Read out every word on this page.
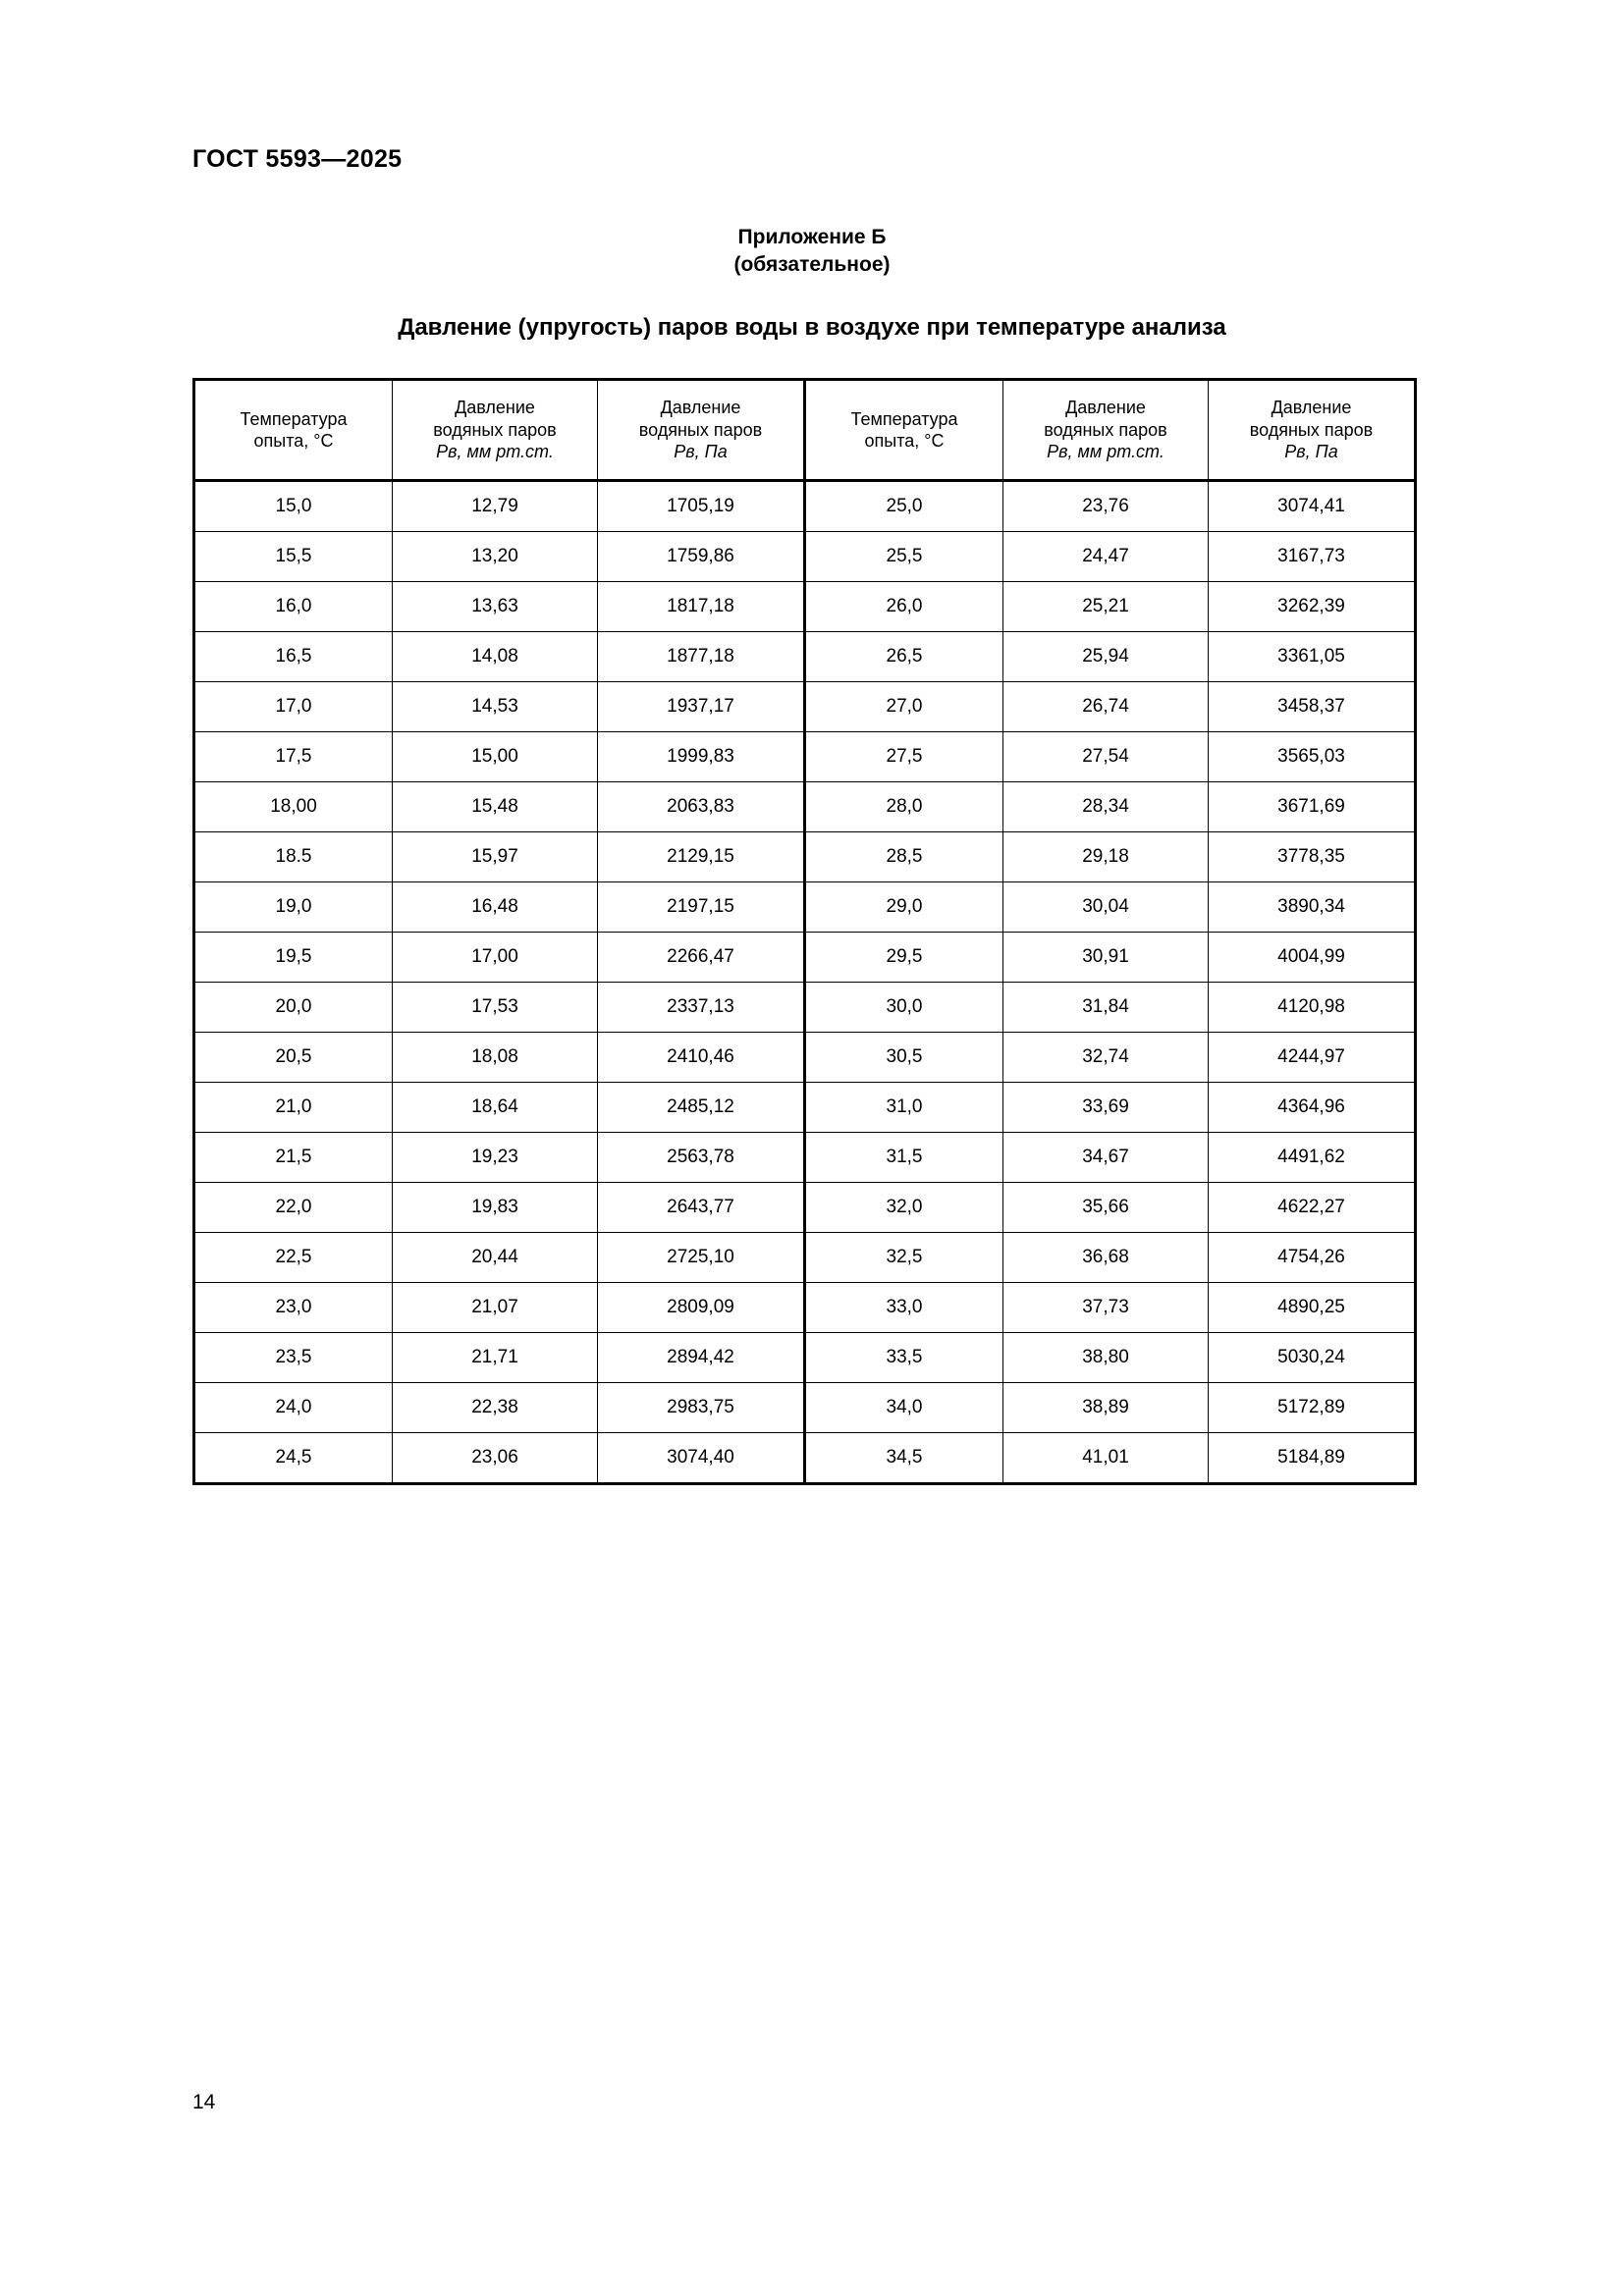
ГОСТ 5593—2025
Приложение Б
(обязательное)
Давление (упругость) паров воды в воздухе при температуре анализа
Температура
опыта, °C

Давление
водяных паров
Pв, мм рт.ст.

Давление
водяных паров
Pв, Па

Температура
опыта, °C

Давление
водяных паров
Pв, мм рт.ст.

Давление
водяных паров
Pв, Па

15,0	12,79	1705,19	25,0	23,76	3074,41
15,5	13,20	1759,86	25,5	24,47	3167,73
16,0	13,63	1817,18	26,0	25,21	3262,39
16,5	14,08	1877,18	26,5	25,94	3361,05
17,0	14,53	1937,17	27,0	26,74	3458,37
17,5	15,00	1999,83	27,5	27,54	3565,03
18,00	15,48	2063,83	28,0	28,34	3671,69
18.5	15,97	2129,15	28,5	29,18	3778,35
19,0	16,48	2197,15	29,0	30,04	3890,34
19,5	17,00	2266,47	29,5	30,91	4004,99
20,0	17,53	2337,13	30,0	31,84	4120,98
20,5	18,08	2410,46	30,5	32,74	4244,97
21,0	18,64	2485,12	31,0	33,69	4364,96
21,5	19,23	2563,78	31,5	34,67	4491,62
22,0	19,83	2643,77	32,0	35,66	4622,27
22,5	20,44	2725,10	32,5	36,68	4754,26
23,0	21,07	2809,09	33,0	37,73	4890,25
23,5	21,71	2894,42	33,5	38,80	5030,24
24,0	22,38	2983,75	34,0	38,89	5172,89
24,5	23,06	3074,40	34,5	41,01	5184,89
14
